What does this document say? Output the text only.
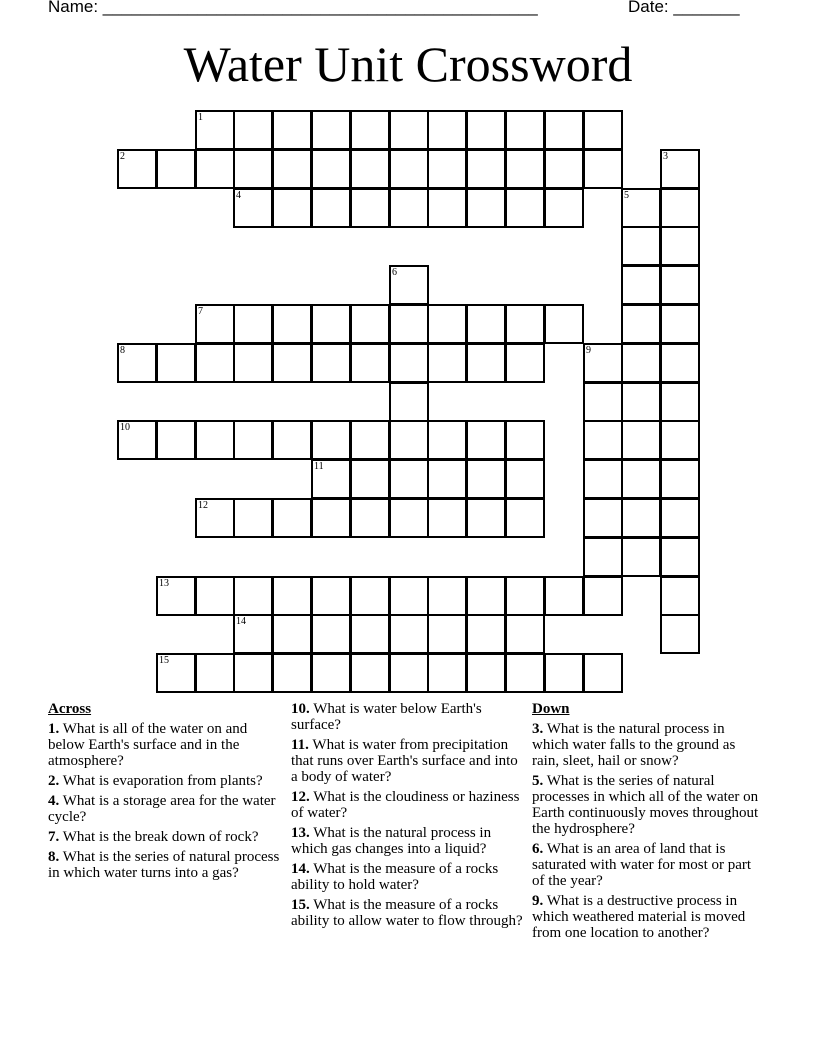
Name: ______________________________________________	Date: _______
Water Unit Crossword
1
2	3
4	5
6
7
8	9
10
11
12
13
14
15
Across
1. What is all of the water on and below Earth's surface and in the atmosphere?
2. What is evaporation from plants?
4. What is a storage area for the water cycle?
7. What is the break down of rock?
8. What is the series of natural process in which water turns into a gas?
10. What is water below Earth's surface?
11. What is water from precipitation that runs over Earth's surface and into a body of water?
12. What is the cloudiness or haziness of water?
13. What is the natural process in which gas changes into a liquid?
14. What is the measure of a rocks ability to hold water?
15. What is the measure of a rocks ability to allow water to flow through?
Down
3. What is the natural process in which water falls to the ground as rain, sleet, hail or snow?
5. What is the series of natural processes in which all of the water on Earth continuously moves throughout the hydrosphere?
6. What is an area of land that is saturated with water for most or part of the year?
9. What is a destructive process in which weathered material is moved from one location to another?
